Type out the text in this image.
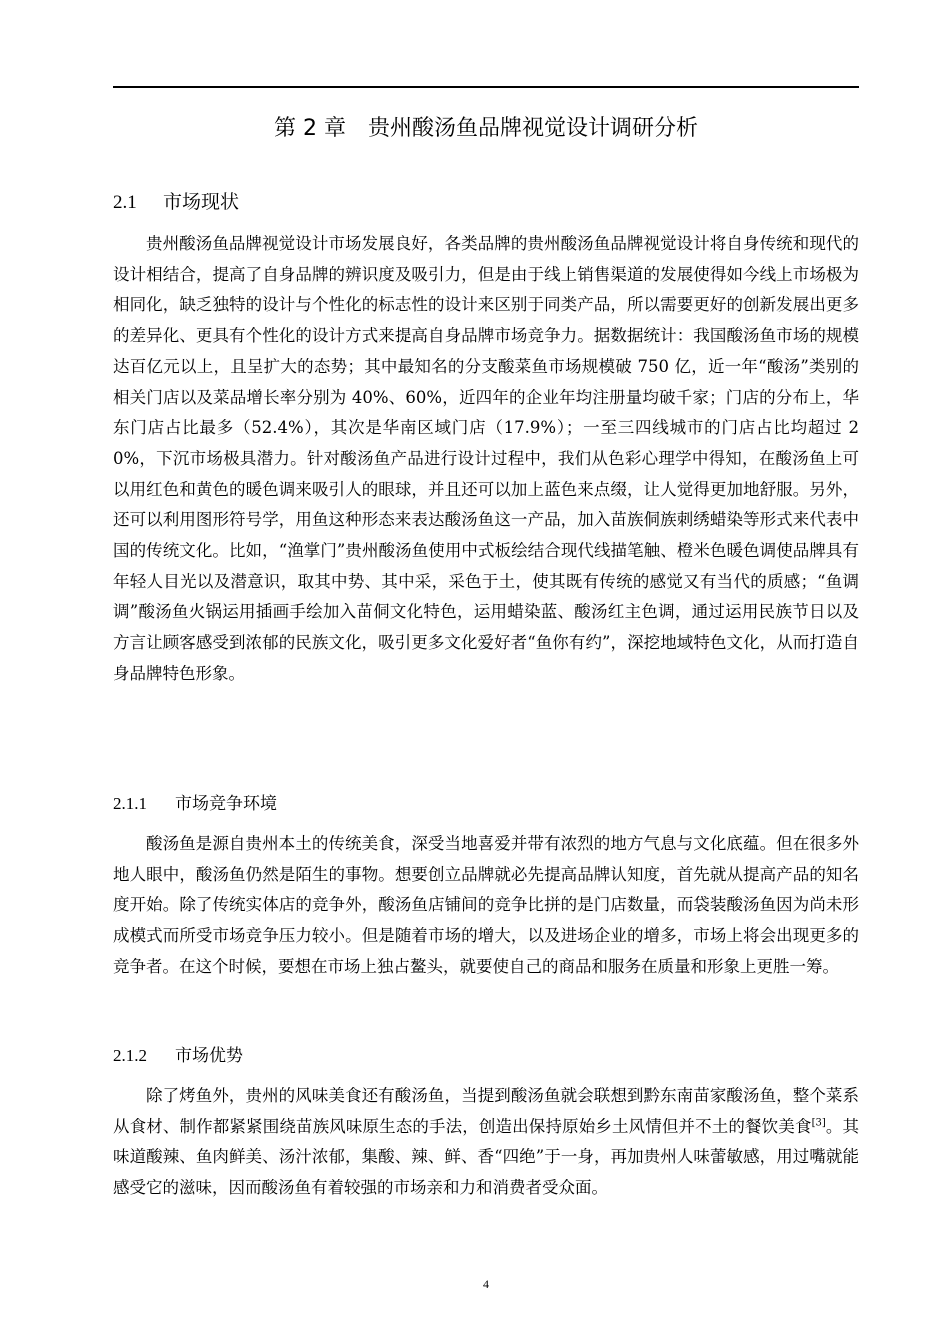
第 2 章　贵州酸汤鱼品牌视觉设计调研分析
2.1 市场现状

贵州酸汤鱼品牌视觉设计市场发展良好，各类品牌的贵州酸汤鱼品牌视觉设计将自身传统和现代的设计相结合，提高了自身品牌的辨识度及吸引力，但是由于线上销售渠道的发展使得如今线上市场极为相同化，缺乏独特的设计与个性化的标志性的设计来区别于同类产品，所以需要更好的创新发展出更多的差异化、更具有个性化的设计方式来提高自身品牌市场竞争力。据数据统计：我国酸汤鱼市场的规模达百亿元以上，且呈扩大的态势；其中最知名的分支酸菜鱼市场规模破 750 亿，近一年“酸汤”类别的相关门店以及菜品增长率分别为 40%、60%，近四年的企业年均注册量均破千家；门店的分布上，华东门店占比最多（52.4%），其次是华南区域门店（17.9%）；一至三四线城市的门店占比均超过 20%，下沉市场极具潜力。针对酸汤鱼产品进行设计过程中，我们从色彩心理学中得知，在酸汤鱼上可以用红色和黄色的暖色调来吸引人的眼球，并且还可以加上蓝色来点缀，让人觉得更加地舒服。另外，还可以利用图形符号学，用鱼这种形态来表达酸汤鱼这一产品，加入苗族侗族刺绣蜡染等形式来代表中国的传统文化。比如，“渔掌门”贵州酸汤鱼使用中式板绘结合现代线描笔触、橙米色暖色调使品牌具有年轻人目光以及潜意识，取其中势、其中采，采色于土，使其既有传统的感觉又有当代的质感；“鱼调调”酸汤鱼火锅运用插画手绘加入苗侗文化特色，运用蜡染蓝、酸汤红主色调，通过运用民族节日以及方言让顾客感受到浓郁的民族文化，吸引更多文化爱好者“鱼你有约”，深挖地域特色文化，从而打造自身品牌特色形象。

2.1.1 市场竞争环境

酸汤鱼是源自贵州本土的传统美食，深受当地喜爱并带有浓烈的地方气息与文化底蕴。但在很多外地人眼中，酸汤鱼仍然是陌生的事物。想要创立品牌就必先提高品牌认知度，首先就从提高产品的知名度开始。除了传统实体店的竞争外，酸汤鱼店铺间的竞争比拼的是门店数量，而袋装酸汤鱼因为尚未形成模式而所受市场竞争压力较小。但是随着市场的增大，以及进场企业的增多，市场上将会出现更多的竞争者。在这个时候，要想在市场上独占鳌头，就要使自己的商品和服务在质量和形象上更胜一筹。

2.1.2 市场优势

除了烤鱼外，贵州的风味美食还有酸汤鱼，当提到酸汤鱼就会联想到黔东南苗家酸汤鱼，整个菜系从食材、制作都紧紧围绕苗族风味原生态的手法，创造出保持原始乡土风情但并不土的餐饮美食[3]。其味道酸辣、鱼肉鲜美、汤汁浓郁，集酸、辣、鲜、香“四绝”于一身，再加贵州人味蕾敏感，用过嘴就能感受它的滋味，因而酸汤鱼有着较强的市场亲和力和消费者受众面。

4
